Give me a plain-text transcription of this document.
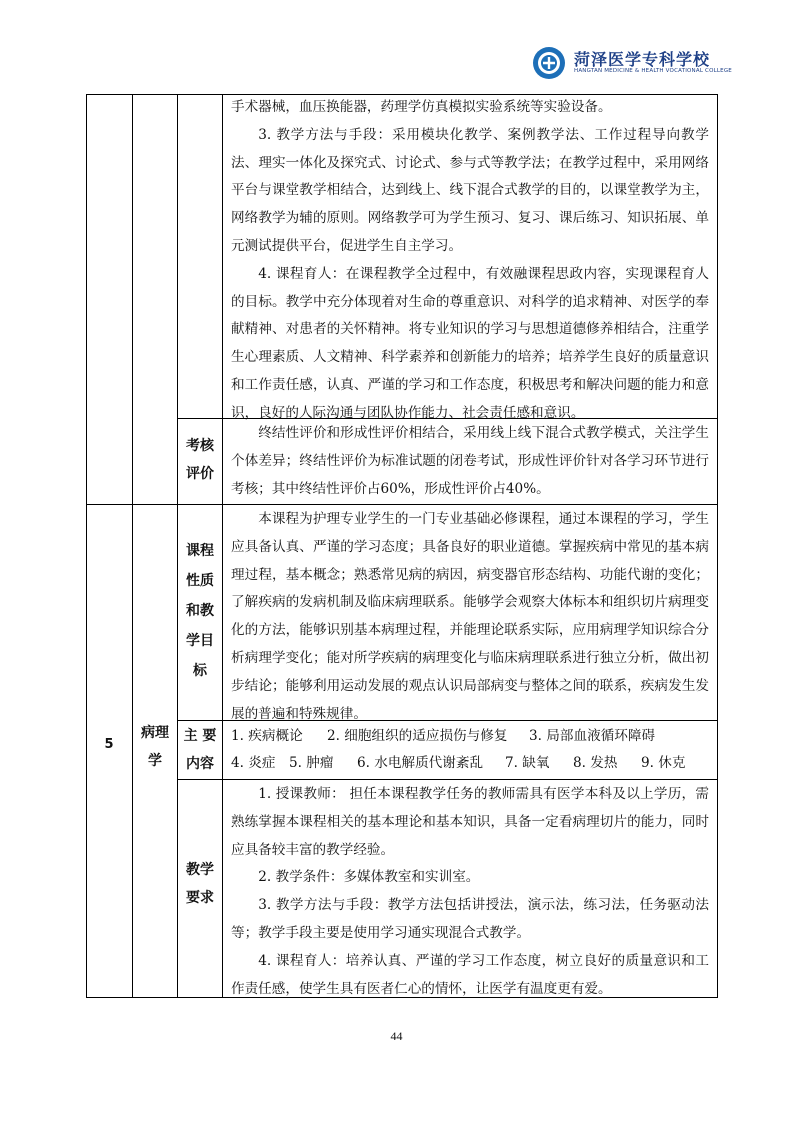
菏泽医学专科学校
HANGTAN MEDICINE & HEALTH VOCATIONAL COLLEGE

手术器械，血压换能器，药理学仿真模拟实验系统等实验设备。

3. 教学方法与手段：采用模块化教学、案例教学法、工作过程导向教学法、理实一体化及探究式、讨论式、参与式等教学法；在教学过程中，采用网络平台与课堂教学相结合，达到线上、线下混合式教学的目的，以课堂教学为主，网络教学为辅的原则。网络教学可为学生预习、复习、课后练习、知识拓展、单元测试提供平台，促进学生自主学习。

4. 课程育人：在课程教学全过程中，有效融课程思政内容，实现课程育人的目标。教学中充分体现着对生命的尊重意识、对科学的追求精神、对医学的奉献精神、对患者的关怀精神。将专业知识的学习与思想道德修养相结合，注重学生心理素质、人文精神、科学素养和创新能力的培养；培养学生良好的质量意识和工作责任感，认真、严谨的学习和工作态度，积极思考和解决问题的能力和意识，良好的人际沟通与团队协作能力、社会责任感和意识。

考核
评价

终结性评价和形成性评价相结合，采用线上线下混合式教学模式，关注学生个体差异；终结性评价为标准试题的闭卷考试，形成性评价针对各学习环节进行考核；其中终结性评价占60%，形成性评价占40%。

5
病理
学
课程
性质
和教
学目
标

本课程为护理专业学生的一门专业基础必修课程，通过本课程的学习，学生应具备认真、严谨的学习态度；具备良好的职业道德。掌握疾病中常见的基本病理过程，基本概念；熟悉常见病的病因，病变器官形态结构、功能代谢的变化；了解疾病的发病机制及临床病理联系。能够学会观察大体标本和组织切片病理变化的方法，能够识别基本病理过程，并能理论联系实际，应用病理学知识综合分析病理学变化；能对所学疾病的病理变化与临床病理联系进行独立分析，做出初步结论；能够利用运动发展的观点认识局部病变与整体之间的联系，疾病发生发展的普遍和特殊规律。

主 要
内容
1. 疾病概论 2. 细胞组织的适应损伤与修复 3. 局部血液循环障碍
4. 炎症 5. 肿瘤 6. 水电解质代谢紊乱 7. 缺氧 8. 发热 9. 休克
教学
要求

1. 授课教师： 担任本课程教学任务的教师需具有医学本科及以上学历，需熟练掌握本课程相关的基本理论和基本知识，具备一定看病理切片的能力，同时应具备较丰富的教学经验。

2. 教学条件：多媒体教室和实训室。

3. 教学方法与手段：教学方法包括讲授法，演示法，练习法，任务驱动法等；教学手段主要是使用学习通实现混合式教学。

4. 课程育人：培养认真、严谨的学习工作态度，树立良好的质量意识和工作责任感，使学生具有医者仁心的情怀，让医学有温度更有爱。

44
